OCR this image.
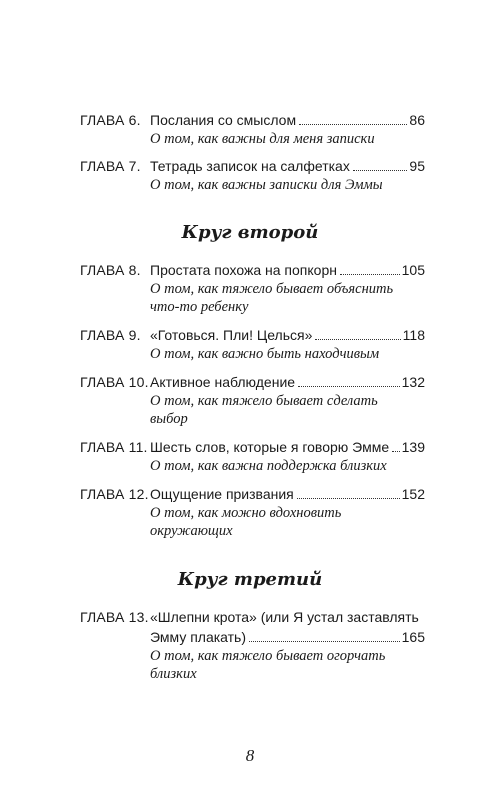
ГЛАВА 6. Послания со смыслом	86
О том, как важны для меня записки
ГЛАВА 7. Тетрадь записок на салфетках	95
О том, как важны записки для Эммы
Круг второй
ГЛАВА 8. Простата похожа на попкорн	105
О том, как тяжело бывает объяснить
что-то ребенку
ГЛАВА 9. «Готовься. Пли! Целься»	118
О том, как важно быть находчивым
ГЛАВА 10. Активное наблюдение	132
О том, как тяжело бывает сделать
выбор
ГЛАВА 11. Шесть слов, которые я говорю Эмме 139
О том, как важна поддержка близких
ГЛАВА 12. Ощущение призвания	152
О том, как можно вдохновить
окружающих
Круг третий
ГЛАВА 13. «Шлепни крота» (или Я устал заставлять
Эмму плакать)	165
О том, как тяжело бывает огорчать
близких
8
